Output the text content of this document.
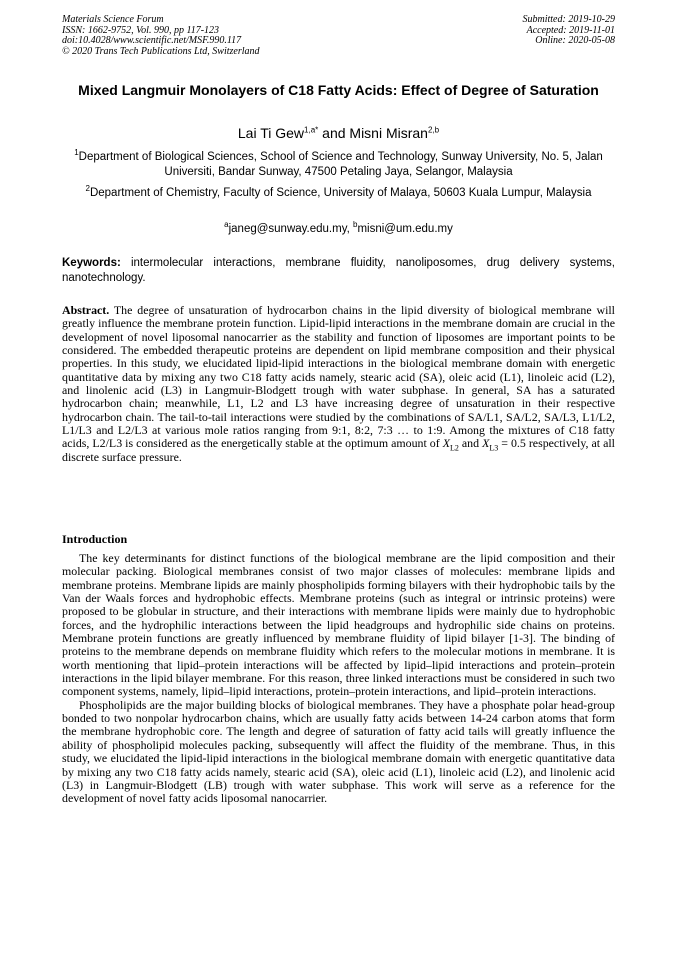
Materials Science Forum
ISSN: 1662-9752, Vol. 990, pp 117-123
doi:10.4028/www.scientific.net/MSF.990.117
© 2020 Trans Tech Publications Ltd, Switzerland
Submitted: 2019-10-29
Accepted: 2019-11-01
Online: 2020-05-08
Mixed Langmuir Monolayers of C18 Fatty Acids: Effect of Degree of Saturation
Lai Ti Gew$^{1,a*}$ and Misni Misran$^{2,b}$
$^1$Department of Biological Sciences, School of Science and Technology, Sunway University, No. 5, Jalan Universiti, Bandar Sunway, 47500 Petaling Jaya, Selangor, Malaysia
$^2$Department of Chemistry, Faculty of Science, University of Malaya, 50603 Kuala Lumpur, Malaysia
$^a$janeg@sunway.edu.my, $^b$misni@um.edu.my
Keywords: intermolecular interactions, membrane fluidity, nanoliposomes, drug delivery systems, nanotechnology.
Abstract. The degree of unsaturation of hydrocarbon chains in the lipid diversity of biological membrane will greatly influence the membrane protein function. Lipid-lipid interactions in the membrane domain are crucial in the development of novel liposomal nanocarrier as the stability and function of liposomes are important points to be considered. The embedded therapeutic proteins are dependent on lipid membrane composition and their physical properties. In this study, we elucidated lipid-lipid interactions in the biological membrane domain with energetic quantitative data by mixing any two C18 fatty acids namely, stearic acid (SA), oleic acid (L1), linoleic acid (L2), and linolenic acid (L3) in Langmuir-Blodgett trough with water subphase. In general, SA has a saturated hydrocarbon chain; meanwhile, L1, L2 and L3 have increasing degree of unsaturation in their respective hydrocarbon chain. The tail-to-tail interactions were studied by the combinations of SA/L1, SA/L2, SA/L3, L1/L2, L1/L3 and L2/L3 at various mole ratios ranging from 9:1, 8:2, 7:3 … to 1:9. Among the mixtures of C18 fatty acids, L2/L3 is considered as the energetically stable at the optimum amount of $X_{L2}$ and $X_{L3} = 0.5$ respectively, at all discrete surface pressure.
Introduction

The key determinants for distinct functions of the biological membrane are the lipid composition and their molecular packing. Biological membranes consist of two major classes of molecules: membrane lipids and membrane proteins. Membrane lipids are mainly phospholipids forming bilayers with their hydrophobic tails by the Van der Waals forces and hydrophobic effects. Membrane proteins (such as integral or intrinsic proteins) were proposed to be globular in structure, and their interactions with membrane lipids were mainly due to hydrophobic forces, and the hydrophilic interactions between the lipid headgroups and hydrophilic side chains on proteins. Membrane protein functions are greatly influenced by membrane fluidity of lipid bilayer [1-3]. The binding of proteins to the membrane depends on membrane fluidity which refers to the molecular motions in membrane. It is worth mentioning that lipid–protein interactions will be affected by lipid–lipid interactions and protein–protein interactions in the lipid bilayer membrane. For this reason, three linked interactions must be considered in such two component systems, namely, lipid–lipid interactions, protein–protein interactions, and lipid–protein interactions.

Phospholipids are the major building blocks of biological membranes. They have a phosphate polar head-group bonded to two nonpolar hydrocarbon chains, which are usually fatty acids between 14-24 carbon atoms that form the membrane hydrophobic core. The length and degree of saturation of fatty acid tails will greatly influence the ability of phospholipid molecules packing, subsequently will affect the fluidity of the membrane. Thus, in this study, we elucidated the lipid-lipid interactions in the biological membrane domain with energetic quantitative data by mixing any two C18 fatty acids namely, stearic acid (SA), oleic acid (L1), linoleic acid (L2), and linolenic acid (L3) in Langmuir-Blodgett (LB) trough with water subphase. This work will serve as a reference for the development of novel fatty acids liposomal nanocarrier.
